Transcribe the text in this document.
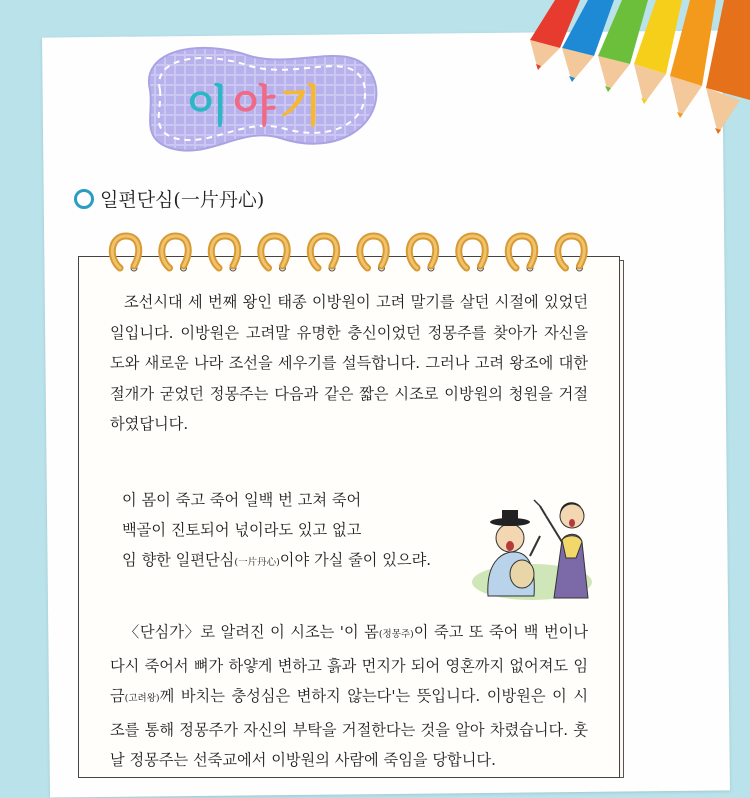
이야기
일편단심(一片丹心)

조선시대 세 번째 왕인 태종 이방원이 고려 말기를 살던 시절에 있었던 일입니다. 이방원은 고려말 유명한 충신이었던 정몽주를 찾아가 자신을 도와 새로운 나라 조선을 세우기를 설득합니다. 그러나 고려 왕조에 대한 절개가 굳었던 정몽주는 다음과 같은 짧은 시조로 이방원의 청원을 거절하였답니다.

이 몸이 죽고 죽어 일백 번 고쳐 죽어
백골이 진토되어 넋이라도 있고 없고
임 향한 일편단심(一片丹心)이야 가실 줄이 있으랴.

〈단심가〉로 알려진 이 시조는 '이 몸(정몽주)이 죽고 또 죽어 백 번이나 다시 죽어서 뼈가 하얗게 변하고 흙과 먼지가 되어 영혼까지 없어져도 임금(고려왕)께 바치는 충성심은 변하지 않는다'는 뜻입니다. 이방원은 이 시조를 통해 정몽주가 자신의 부탁을 거절한다는 것을 알아 차렸습니다. 훗날 정몽주는 선죽교에서 이방원의 사람에 죽임을 당합니다.
